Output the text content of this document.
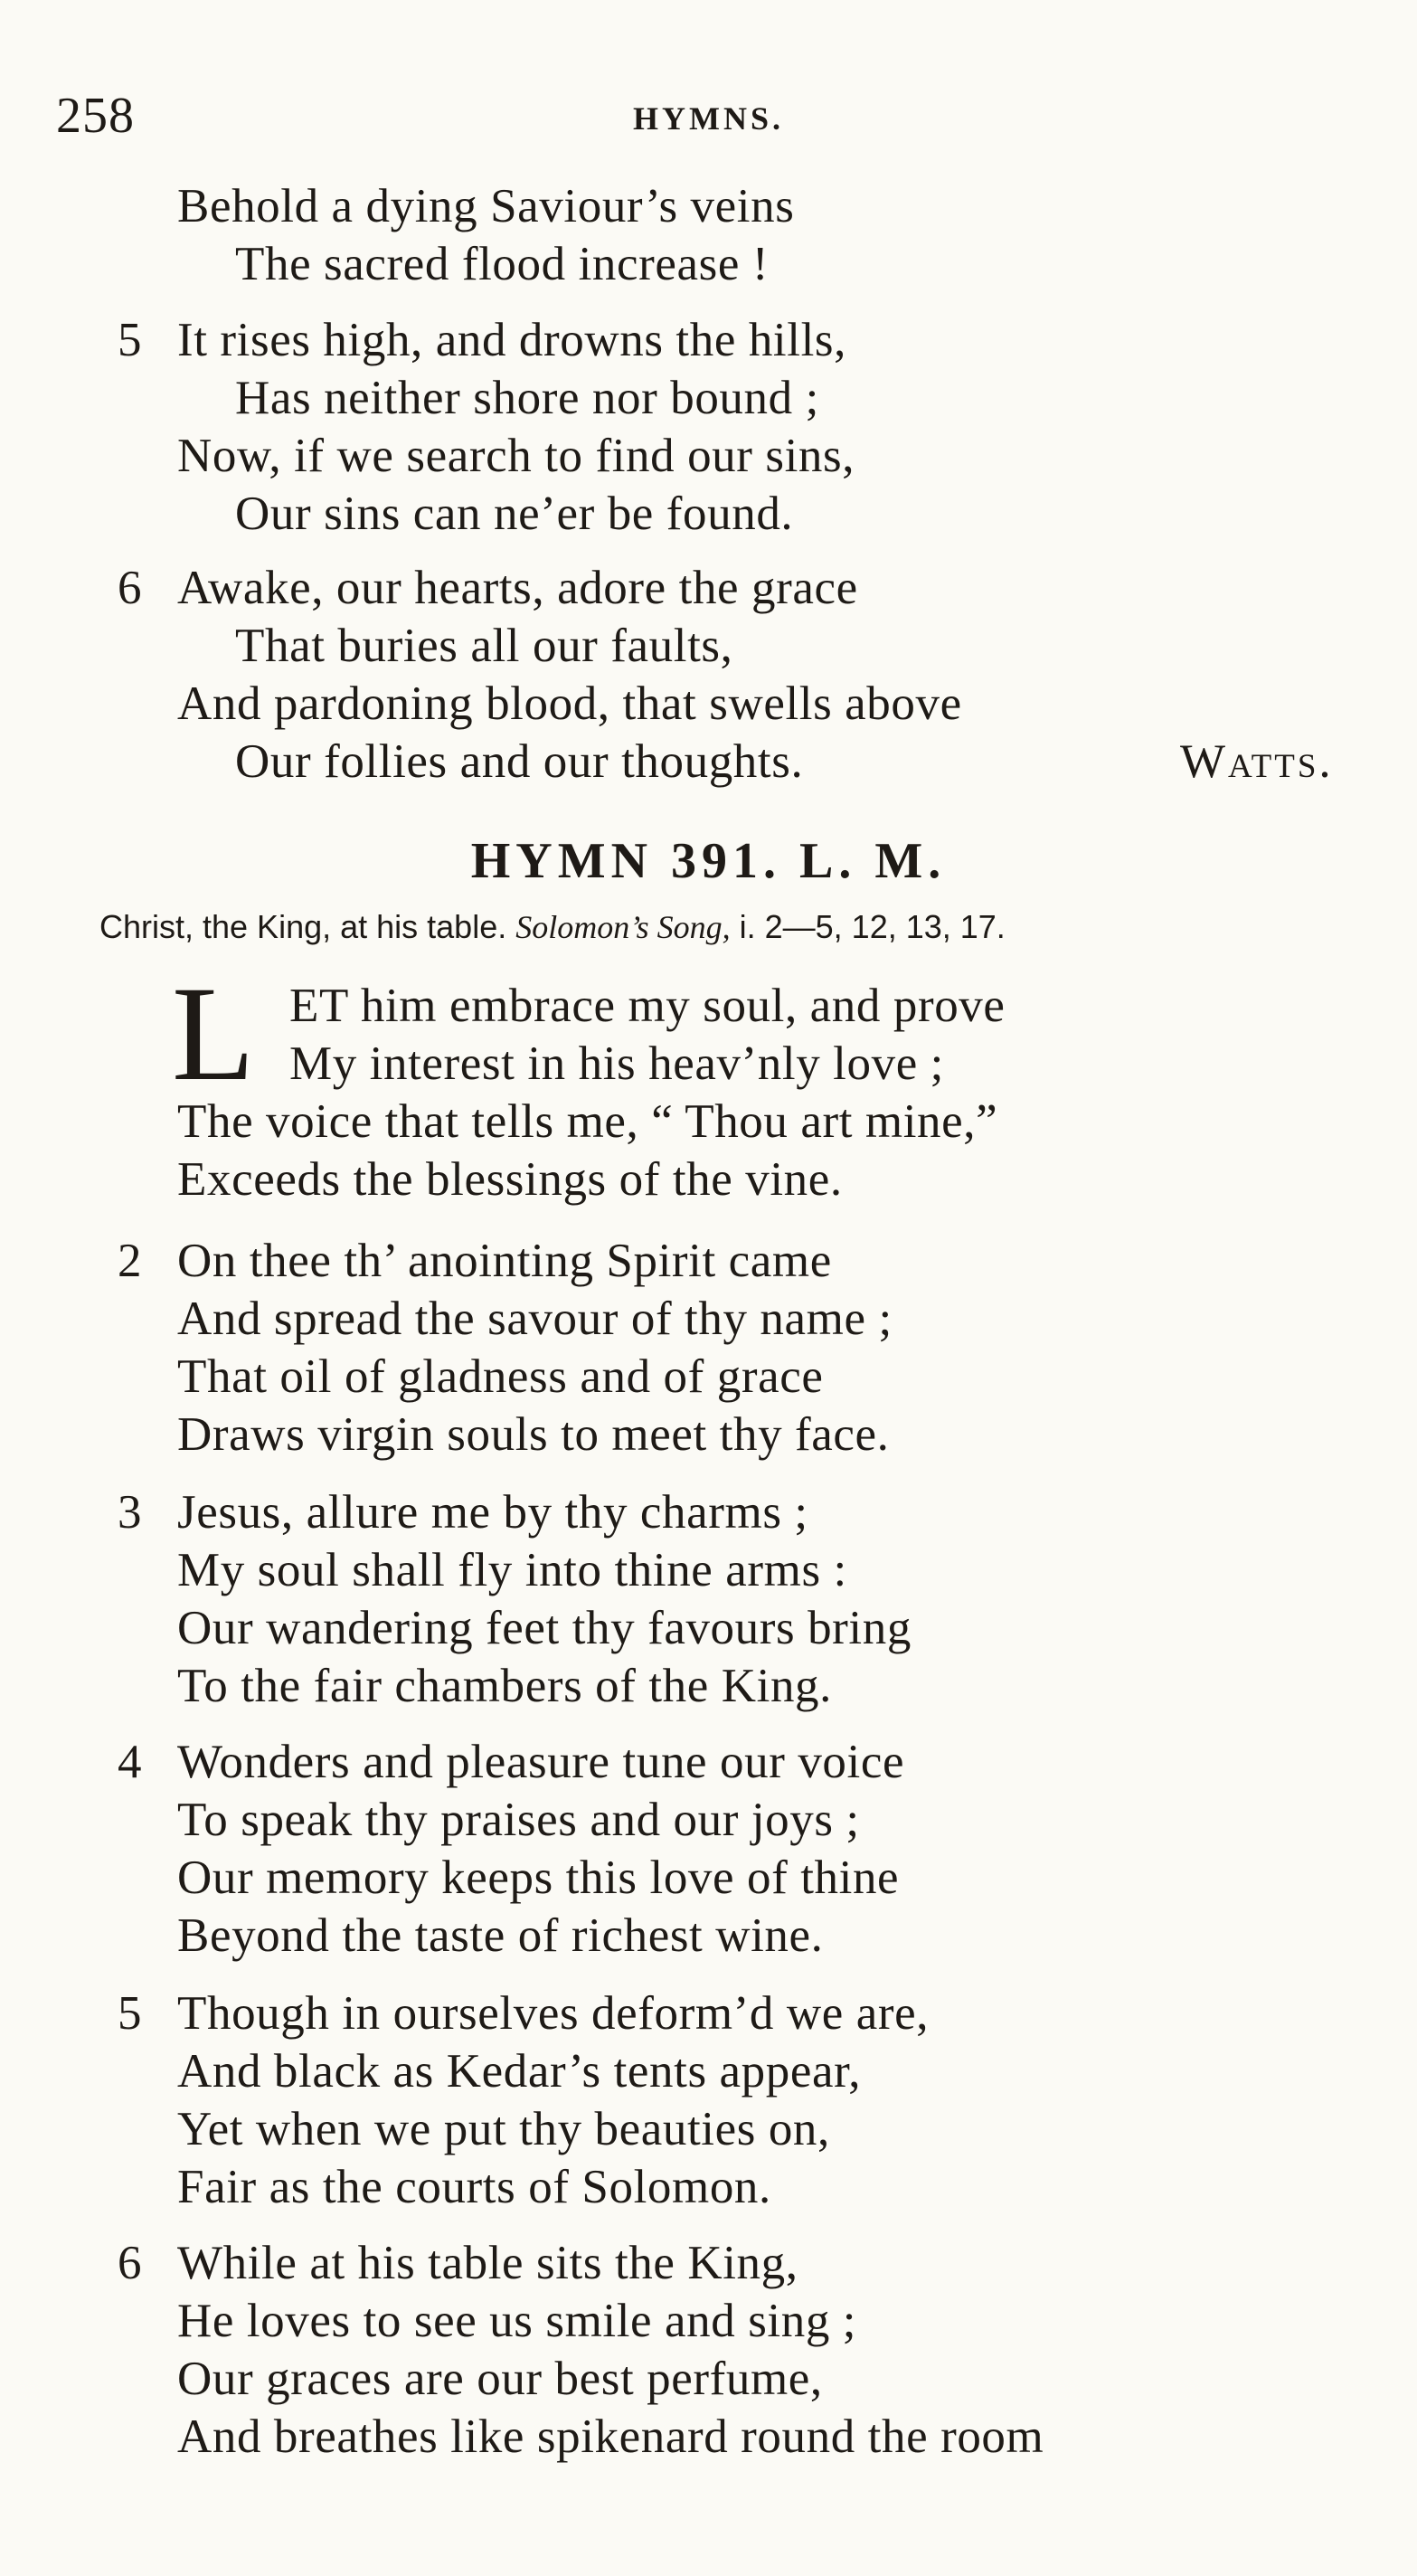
258	HYMNS.
Behold a dying Saviour’s veins
The sacred flood increase !
5 It rises high, and drowns the hills,
Has neither shore nor bound ;
Now, if we search to find our sins,
Our sins can ne’er be found.
6 Awake, our hearts, adore the grace
That buries all our faults,
And pardoning blood, that swells above
Our follies and our thoughts.	Watts.
HYMN 391. L. M.
Christ, the King, at his table. Solomon’s Song, i. 2—5, 12, 13, 17.
L ET him embrace my soul, and prove
My interest in his heav’nly love ;
The voice that tells me, “ Thou art mine,”
Exceeds the blessings of the vine.
2 On thee th’ anointing Spirit came
And spread the savour of thy name ;
That oil of gladness and of grace
Draws virgin souls to meet thy face.
3 Jesus, allure me by thy charms ;
My soul shall fly into thine arms :
Our wandering feet thy favours bring
To the fair chambers of the King.
4 Wonders and pleasure tune our voice
To speak thy praises and our joys ;
Our memory keeps this love of thine
Beyond the taste of richest wine.
5 Though in ourselves deform’d we are,
And black as Kedar’s tents appear,
Yet when we put thy beauties on,
Fair as the courts of Solomon.
6 While at his table sits the King,
He loves to see us smile and sing ;
Our graces are our best perfume,
And breathes like spikenard round the room
